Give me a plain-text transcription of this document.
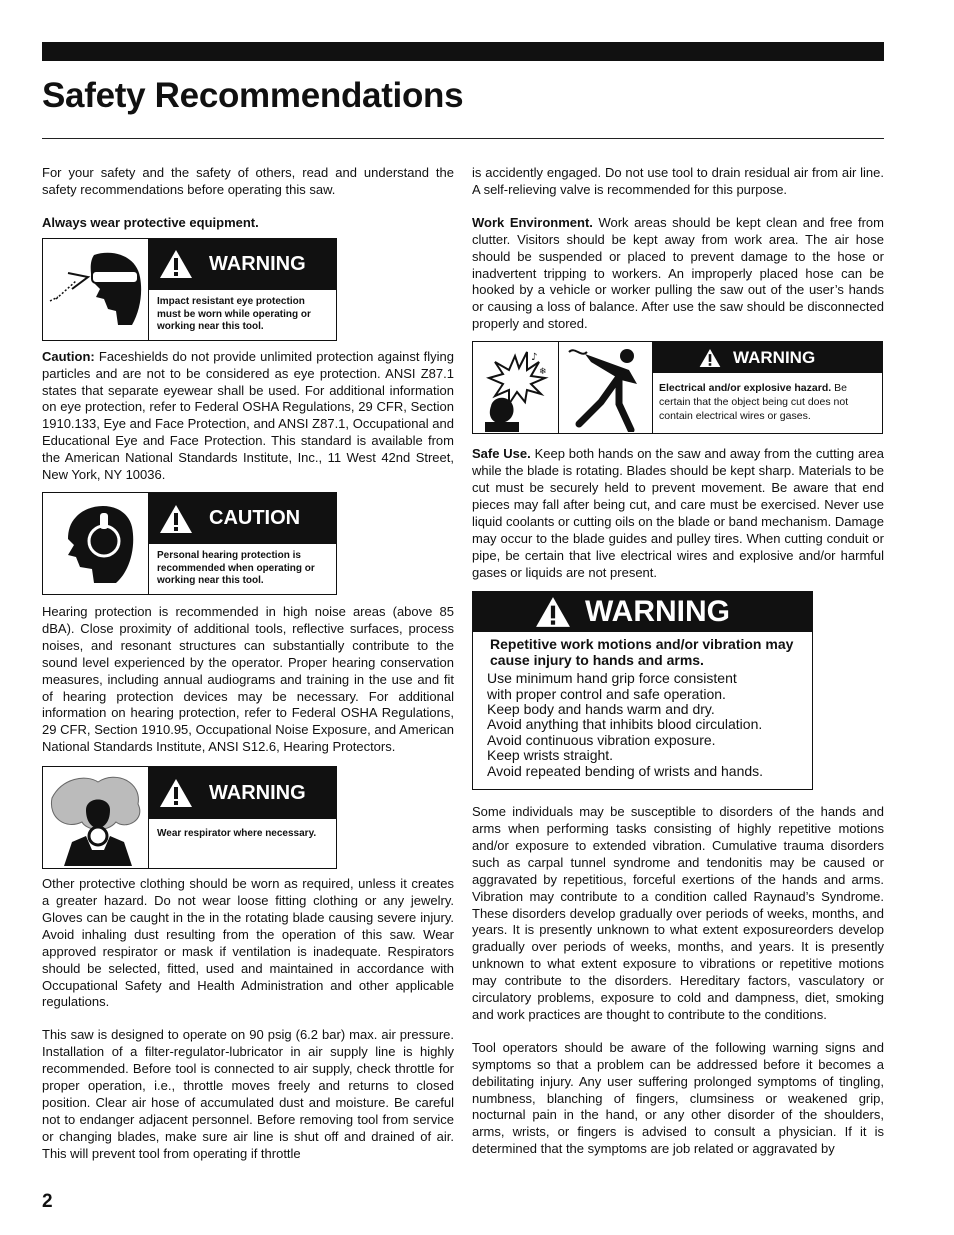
Safety Recommendations

For your safety and the safety of others, read and understand the safety recommendations before operating this saw.

Always wear protective equipment.

WARNING
Impact resistant eye protection must be worn while operating or working near this tool.

Caution: Faceshields do not provide unlimited protection against flying particles and are not to be considered as eye protection. ANSI Z87.1 states that separate eyewear shall be used. For additional information on eye protection, refer to Federal OSHA Regulations, 29 CFR, Section 1910.133, Eye and Face Protection, and ANSI Z87.1, Occupational and Educational Eye and Face Protection. This standard is available from the American National Standards Institute, Inc., 11 West 42nd Street, New York, NY 10036.

CAUTION
Personal hearing protection is recommended when operating or working near this tool.

Hearing protection is recommended in high noise areas (above 85 dBA). Close proximity of additional tools, reflective surfaces, process noises, and resonant structures can substantially contribute to the sound level experienced by the operator. Proper hearing conservation measures, including annual audiograms and training in the use and fit of hearing protection devices may be necessary. For additional information on hearing protection, refer to Federal OSHA Regulations, 29 CFR, Section 1910.95, Occupational Noise Exposure, and American National Standards Institute, ANSI S12.6, Hearing Protectors.

WARNING
Wear respirator where necessary.

Other protective clothing should be worn as required, unless it creates a greater hazard. Do not wear loose fitting clothing or any jewelry. Gloves can be caught in the in the rotating blade causing severe injury. Avoid inhaling dust resulting from the operation of this saw. Wear approved respirator or mask if ventilation is inadequate. Respirators should be selected, fitted, used and maintained in accordance with Occupational Safety and Health Administration and other applicable regulations.

This saw is designed to operate on 90 psig (6.2 bar) max. air pressure. Installation of a filter-regulator-lubricator in air supply line is highly recommended. Before tool is connected to air supply, check throttle for proper operation, i.e., throttle moves freely and returns to closed position. Clear air hose of accumulated dust and moisture. Be careful not to endanger adjacent personnel. Before removing tool from service or changing blades, make sure air line is shut off and drained of air. This will prevent tool from operating if throttle

is accidently engaged. Do not use tool to drain residual air from air line. A self-relieving valve is recommended for this purpose.

Work Environment. Work areas should be kept clean and free from clutter. Visitors should be kept away from work area. The air hose should be suspended or placed to prevent damage to the hose or inadvertent tripping to workers. An improperly placed hose can be hooked by a vehicle or worker pulling the saw out of the user’s hands or causing a loss of balance. After use the saw should be disconnected properly and stored.

♪
❄
WARNING
Electrical and/or explosive hazard. Be certain that the object being cut does not contain electrical wires or gases.

Safe Use. Keep both hands on the saw and away from the cutting area while the blade is rotating. Blades should be kept sharp. Materials to be cut must be securely held to prevent movement. Be aware that end pieces may fall after being cut, and care must be exercised. Never use liquid coolants or cutting oils on the blade or band mechanism. Damage may occur to the blade guides and pulley tires. When cutting conduit or pipe, be certain that live electrical wires and explosive and/or harmful gases or liquids are not present.

WARNING
Repetitive work motions and/or vibration may cause injury to hands and arms.
Use minimum hand grip force consistent
with proper control and safe operation.
Keep body and hands warm and dry.
Avoid anything that inhibits blood circulation.
Avoid continuous vibration exposure.
Keep wrists straight.
Avoid repeated bending of wrists and hands.

Some individuals may be susceptible to disorders of the hands and arms when performing tasks consisting of highly repetitive motions and/or exposure to extended vibration. Cumulative trauma disorders such as carpal tunnel syndrome and tendonitis may be caused or aggravated by repetitious, forceful exertions of the hands and arms. Vibration may contribute to a condition called Raynaud’s Syndrome. These disorders develop gradually over periods of weeks, months, and years. It is presently unknown to what extent exposureorders develop gradually over periods of weeks, months, and years. It is presently unknown to what extent exposure to vibrations or repetitive motions may contribute to the disorders. Hereditary factors, vasculatory or circulatory problems, exposure to cold and dampness, diet, smoking and work practices are thought to contribute to the conditions.

Tool operators should be aware of the following warning signs and symptoms so that a problem can be addressed before it becomes a debilitating injury. Any user suffering prolonged symptoms of tingling, numbness, blanching of fingers, clumsiness or weakened grip, nocturnal pain in the hand, or any other disorder of the shoulders, arms, wrists, or fingers is advised to consult a physician. If it is determined that the symptoms are job related or aggravated by

2
